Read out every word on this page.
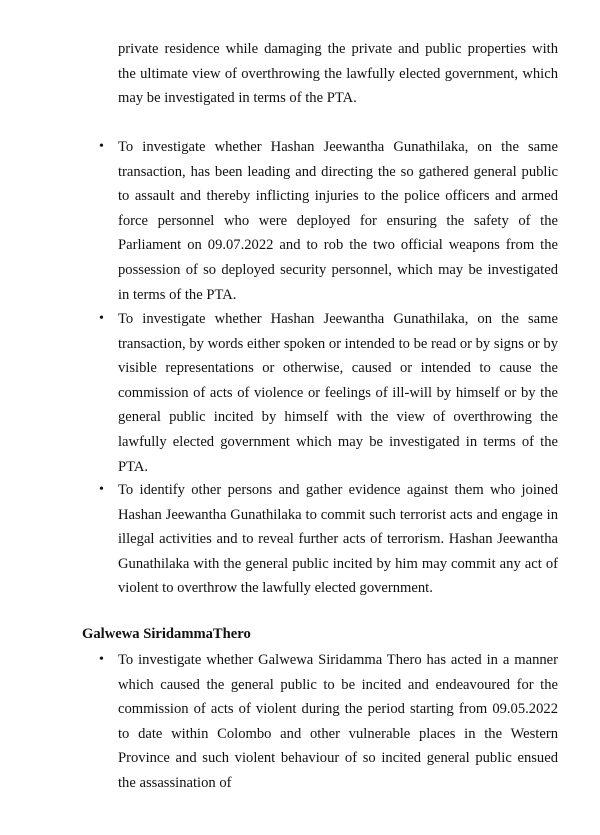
private residence while damaging the private and public properties with the ultimate view of overthrowing the lawfully elected government, which may be investigated in terms of the PTA.

• To investigate whether Hashan Jeewantha Gunathilaka, on the same transaction, has been leading and directing the so gathered general public to assault and thereby inflicting injuries to the police officers and armed force personnel who were deployed for ensuring the safety of the Parliament on 09.07.2022 and to rob the two official weapons from the possession of so deployed security personnel, which may be investigated in terms of the PTA.
• To investigate whether Hashan Jeewantha Gunathilaka, on the same transaction, by words either spoken or intended to be read or by signs or by visible representations or otherwise, caused or intended to cause the commission of acts of violence or feelings of ill-will by himself or by the general public incited by himself with the view of overthrowing the lawfully elected government which may be investigated in terms of the PTA.
• To identify other persons and gather evidence against them who joined Hashan Jeewantha Gunathilaka to commit such terrorist acts and engage in illegal activities and to reveal further acts of terrorism. Hashan Jeewantha Gunathilaka with the general public incited by him may commit any act of violent to overthrow the lawfully elected government.
Galwewa SiridammaThero
• To investigate whether Galwewa Siridamma Thero has acted in a manner which caused the general public to be incited and endeavoured for the commission of acts of violent during the period starting from 09.05.2022 to date within Colombo and other vulnerable places in the Western Province and such violent behaviour of so incited general public ensued the assassination of
